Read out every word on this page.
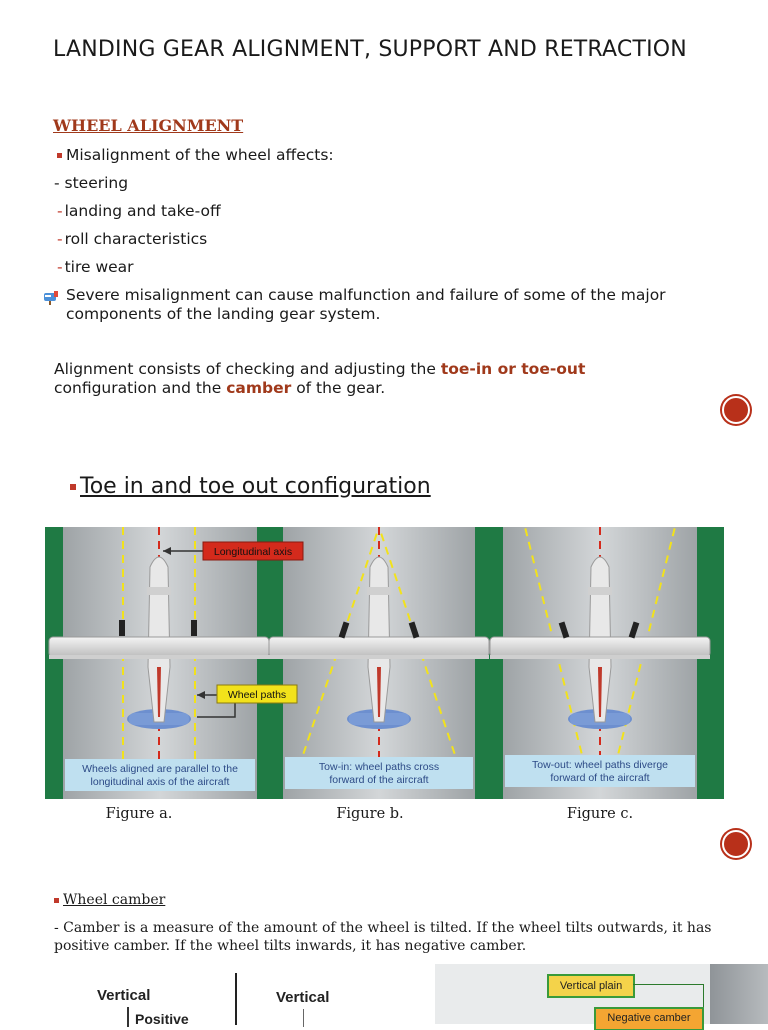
LANDING GEAR ALIGNMENT, SUPPORT AND RETRACTION
WHEEL ALIGNMENT
Misalignment of the wheel affects:
- steering
- landing and take-off
- roll characteristics
- tire wear
Severe misalignment can cause malfunction and failure of some of the major components of the landing gear system.
Alignment consists of checking and adjusting the toe-in or toe-out
configuration and the camber of the gear.
Toe in and toe out configuration
Longitudinal axis
Wheel paths
Wheels aligned are parallel to the
longitudinal axis of the aircraft
Tow-in: wheel paths cross
forward of the aircraft
Tow-out: wheel paths diverge
forward of the aircraft
Figure a.	Figure b.	Figure c.
Wheel camber
- Camber is a measure of the amount of the wheel is tilted. If the wheel tilts outwards, it has positive camber. If the wheel tilts inwards, it has negative camber.
Vertical
Positive
Vertical
Vertical plain
Negative camber
